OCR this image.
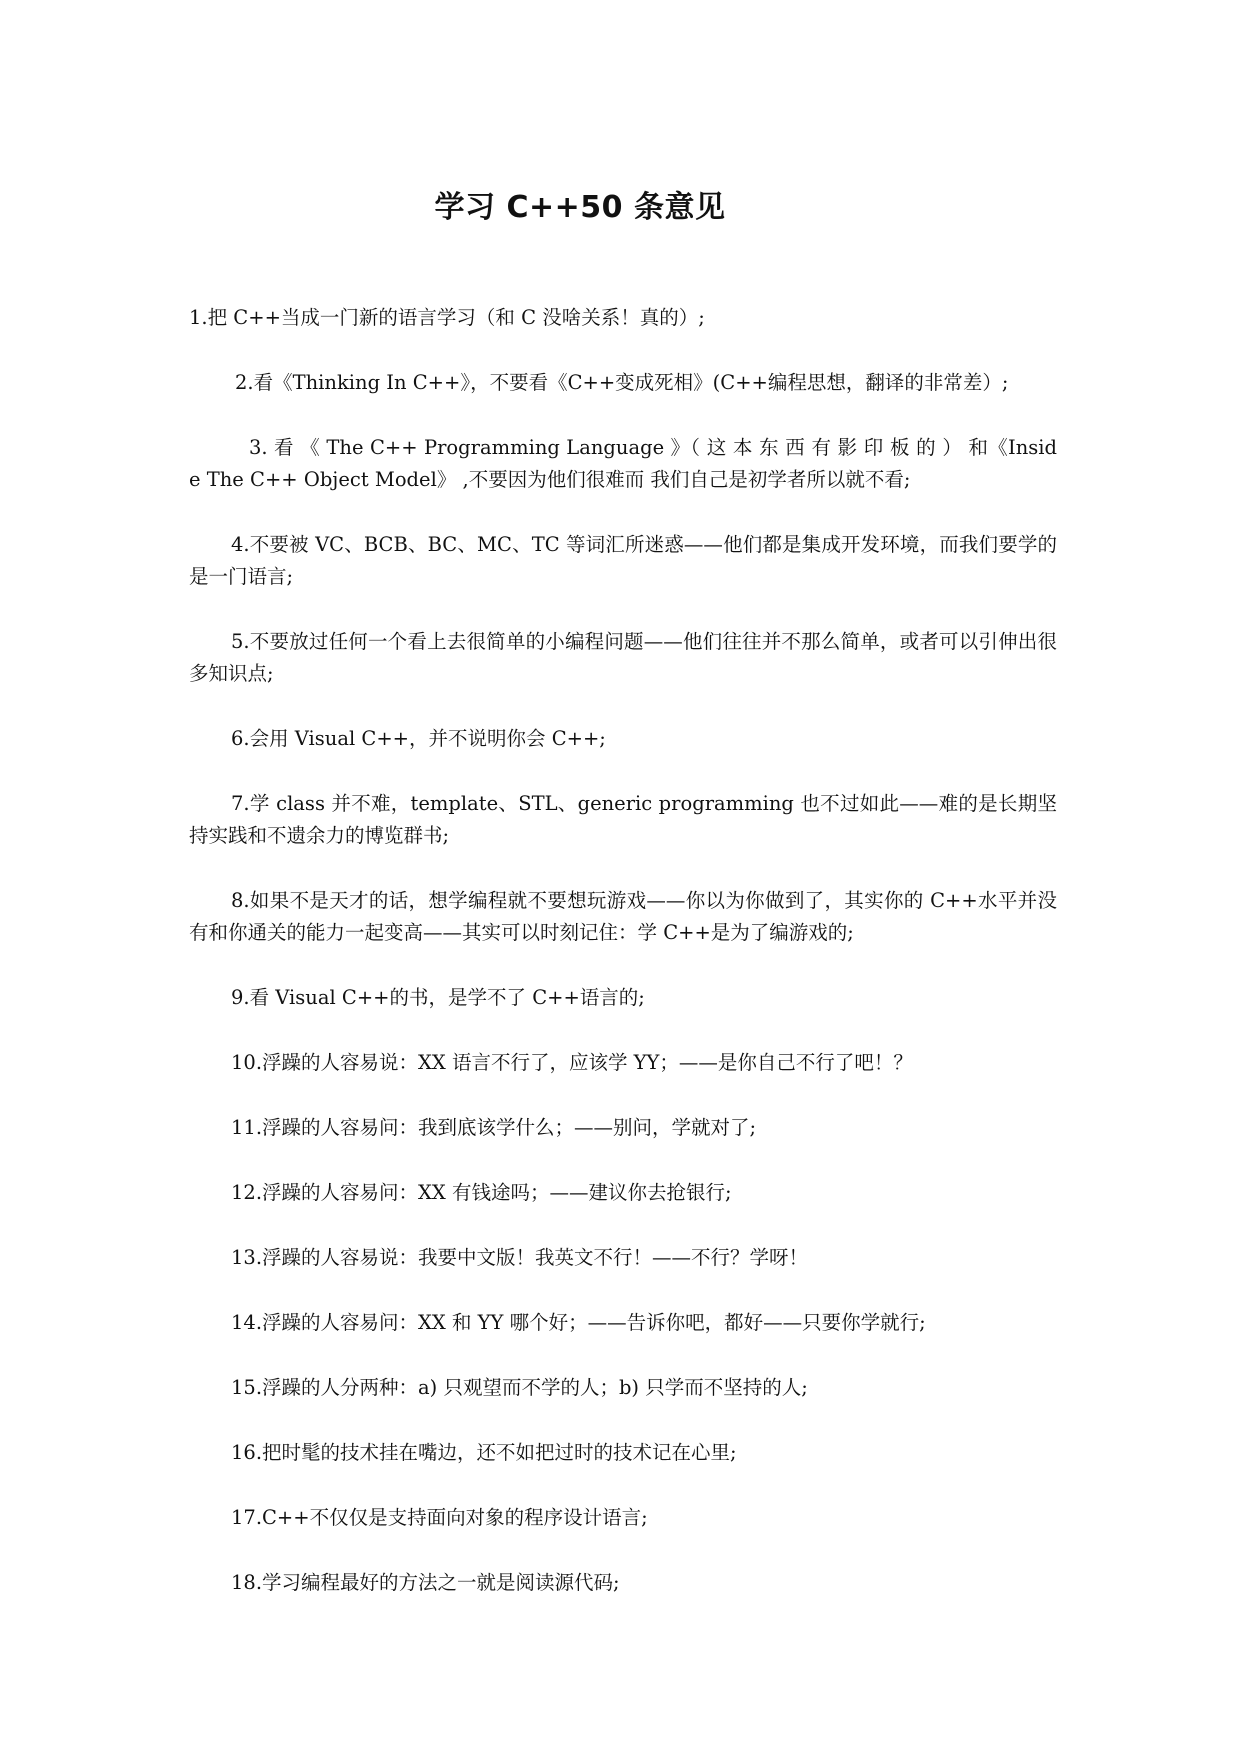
学习 C++50 条意见

1.把 C++当成一门新的语言学习（和 C 没啥关系！真的）;

2.看《Thinking In C++》，不要看《C++变成死相》(C++编程思想，翻译的非常差）;

3. 看 《 The C++ Programming Language 》（ 这 本 东 西 有 影 印 板 的 ） 和《Inside The C++ Object Model》 ,不要因为他们很难而 我们自己是初学者所以就不看;

4.不要被 VC、BCB、BC、MC、TC 等词汇所迷惑——他们都是集成开发环境，而我们要学的是一门语言;

5.不要放过任何一个看上去很简单的小编程问题——他们往往并不那么简单，或者可以引伸出很多知识点;

6.会用 Visual C++，并不说明你会 C++;

7.学 class 并不难，template、STL、generic programming 也不过如此——难的是长期坚持实践和不遗余力的博览群书;

8.如果不是天才的话，想学编程就不要想玩游戏——你以为你做到了，其实你的 C++水平并没有和你通关的能力一起变高——其实可以时刻记住：学 C++是为了编游戏的;

9.看 Visual C++的书，是学不了 C++语言的;

10.浮躁的人容易说：XX 语言不行了，应该学 YY；——是你自己不行了吧！？

11.浮躁的人容易问：我到底该学什么；——别问，学就对了;

12.浮躁的人容易问：XX 有钱途吗；——建议你去抢银行;

13.浮躁的人容易说：我要中文版！我英文不行！——不行？学呀！

14.浮躁的人容易问：XX 和 YY 哪个好；——告诉你吧，都好——只要你学就行;

15.浮躁的人分两种：a) 只观望而不学的人；b) 只学而不坚持的人;

16.把时髦的技术挂在嘴边，还不如把过时的技术记在心里;

17.C++不仅仅是支持面向对象的程序设计语言;

18.学习编程最好的方法之一就是阅读源代码;
